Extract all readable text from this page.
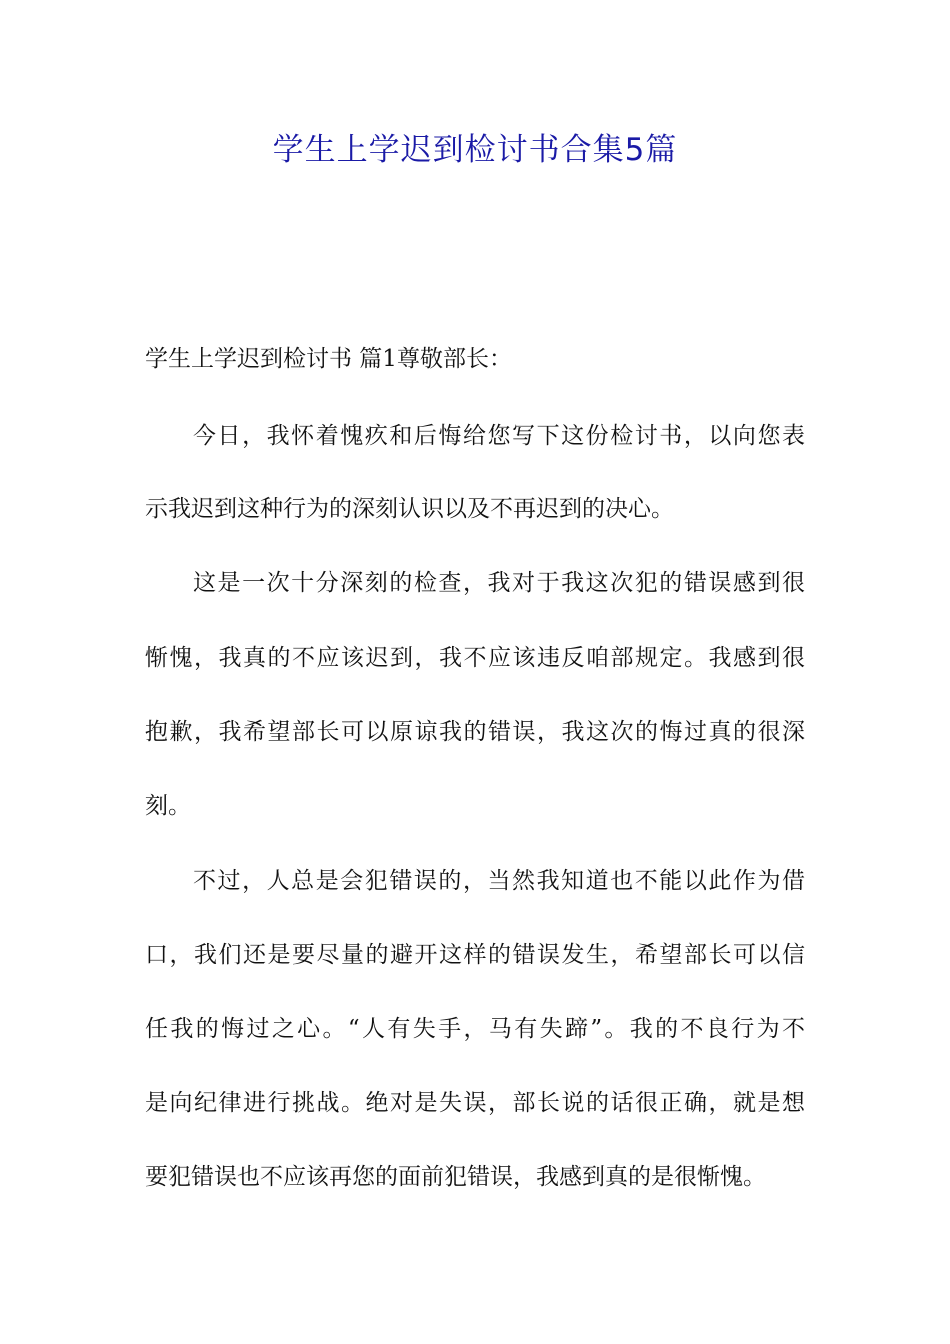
学生上学迟到检讨书合集5篇
学生上学迟到检讨书 篇1尊敬部长：
今日，我怀着愧疚和后悔给您写下这份检讨书，以向您表
示我迟到这种行为的深刻认识以及不再迟到的决心。
这是一次十分深刻的检查，我对于我这次犯的错误感到很
惭愧，我真的不应该迟到，我不应该违反咱部规定。我感到很
抱歉，我希望部长可以原谅我的错误，我这次的悔过真的很深
刻。
不过，人总是会犯错误的，当然我知道也不能以此作为借
口，我们还是要尽量的避开这样的错误发生，希望部长可以信
任我的悔过之心。“人有失手，马有失蹄”。我的不良行为不
是向纪律进行挑战。绝对是失误，部长说的话很正确，就是想
要犯错误也不应该再您的面前犯错误，我感到真的是很惭愧。
